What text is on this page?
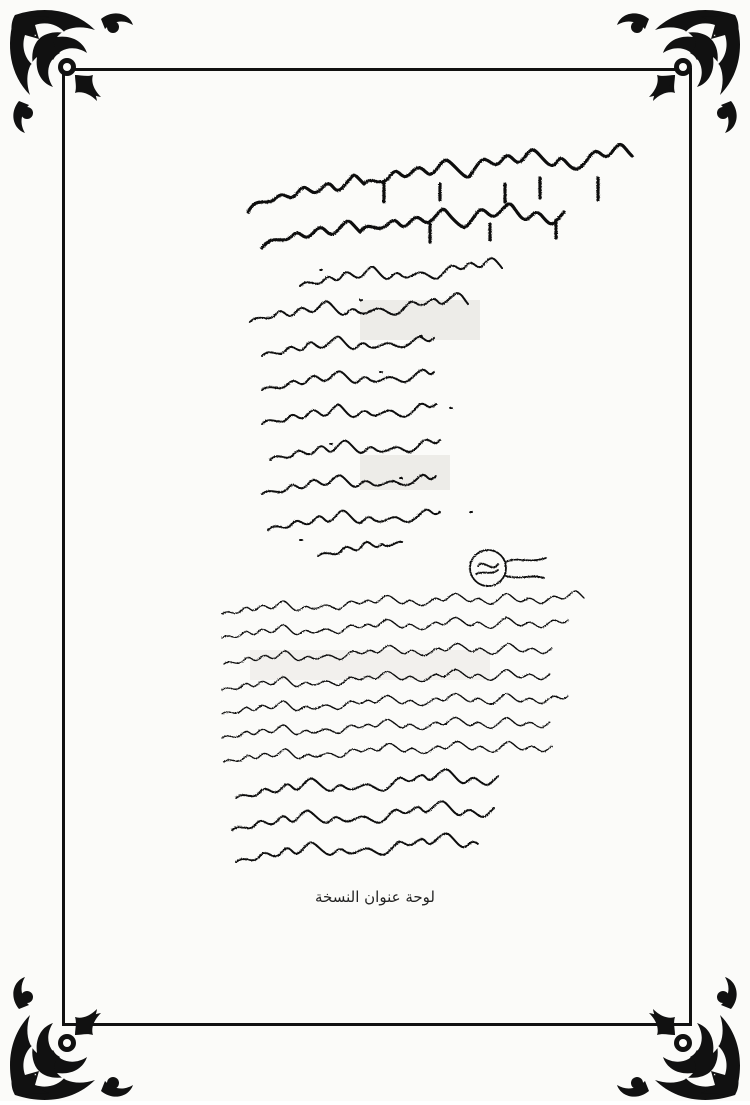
لوحة عنوان النسخة
